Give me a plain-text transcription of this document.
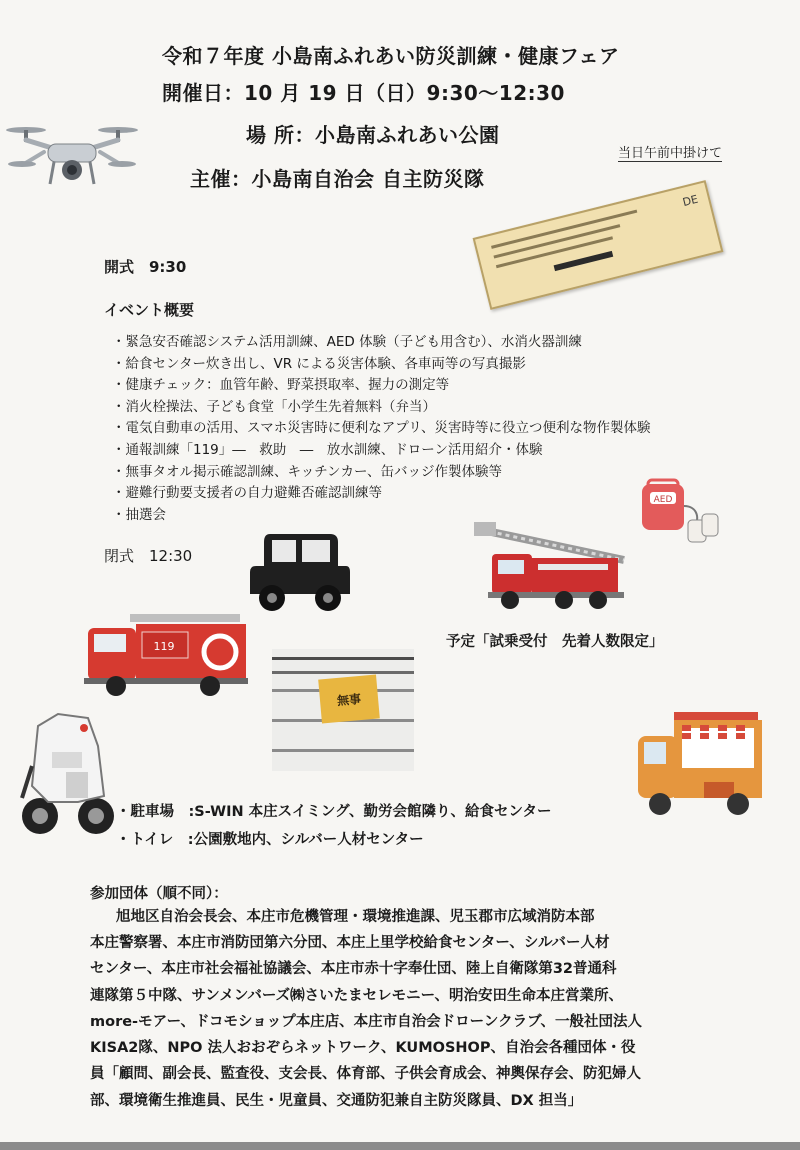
令和７年度 小島南ふれあい防災訓練・健康フェア
開催日：10 月 19 日（日）9:30～12:30
場 所：小島南ふれあい公園
当日午前中掛けて
主催：小島南自治会 自主防災隊
DE
開式　9:30
イベント概要
・ 緊急安否確認システム活用訓練、AED 体験（子ども用含む）、水消火器訓練
・ 給食センター炊き出し、VR による災害体験、各車両等の写真撮影
・ 健康チェック：血管年齢、野菜摂取率、握力の測定等
・ 消火栓操法、子ども食堂「小学生先着無料（弁当）
・ 電気自動車の活用、スマホ災害時に便利なアプリ、災害時等に役立つ便利な物作製体験
・ 通報訓練「119」―　救助　―　放水訓練、ドローン活用紹介・体験
・ 無事タオル掲示確認訓練、キッチンカー、缶バッジ作製体験等
・ 避難行動要支援者の自力避難否確認訓練等
・ 抽選会
AED
閉式　12:30
119	予定「試乗受付　先着人数限定」
無事
・駐車場　:S-WIN 本庄スイミング、勤労会館隣り、給食センター
・トイレ　:公園敷地内、シルバー人材センター
参加団体（順不同）：
旭地区自治会長会、本庄市危機管理・環境推進課、児玉郡市広域消防本部
本庄警察署、本庄市消防団第六分団、本庄上里学校給食センター、シルバー人材
センター、本庄市社会福祉協議会、本庄市赤十字奉仕団、陸上自衛隊第32普通科
連隊第５中隊、サンメンバーズ㈱さいたまセレモニー、明治安田生命本庄営業所、
more-モアー、ドコモショップ本庄店、本庄市自治会ドローンクラブ、一般社団法人
KISA2隊、NPO 法人おおぞらネットワーク、KUMOSHOP、自治会各種団体・役
員「顧問、副会長、監査役、支会長、体育部、子供会育成会、神輿保存会、防犯婦人
部、環境衛生推進員、民生・児童員、交通防犯兼自主防災隊員、DX 担当」
